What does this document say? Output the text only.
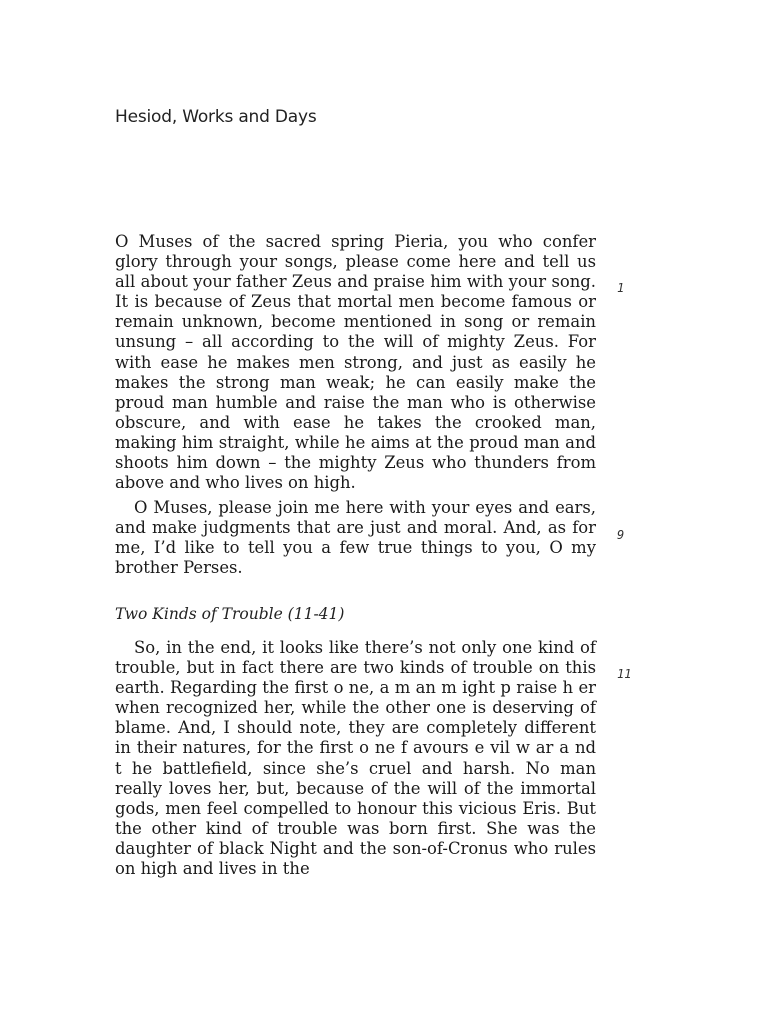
Hesiod, Works and Days

O Muses of the sacred spring Pieria, you who confer glory through your songs, please come here and tell us all about your father Zeus and praise him with your song. It is because of Zeus that mortal men become famous or remain unknown, become mentioned in song or remain unsung – all according to the will of mighty Zeus. For with ease he makes men strong, and just as easily he makes the strong man weak; he can easily make the proud man humble and raise the man who is otherwise obscure, and with ease he takes the crooked man, making him straight, while he aims at the proud man and shoots him down – the mighty Zeus who thunders from above and who lives on high.

1

O Muses, please join me here with your eyes and ears, and make judgments that are just and moral. And, as for me, I’d like to tell you a few true things to you, O my brother Perses.

9
Two Kinds of Trouble (11-41)

So, in the end, it looks like there’s not only one kind of trouble, but in fact there are two kinds of trouble on this earth. Regarding the first o ne, a m an m ight p raise h er when recognized her, while the other one is deserving of blame. And, I should note, they are completely different in their natures, for the first o ne f avours e vil w ar a nd t he battlefield, since she’s cruel and harsh. No man really loves her, but, because of the will of the immortal gods, men feel compelled to honour this vicious Eris. But the other kind of trouble was born first. She was the daughter of black Night and the son-of-Cronus who rules on high and lives in the

11
